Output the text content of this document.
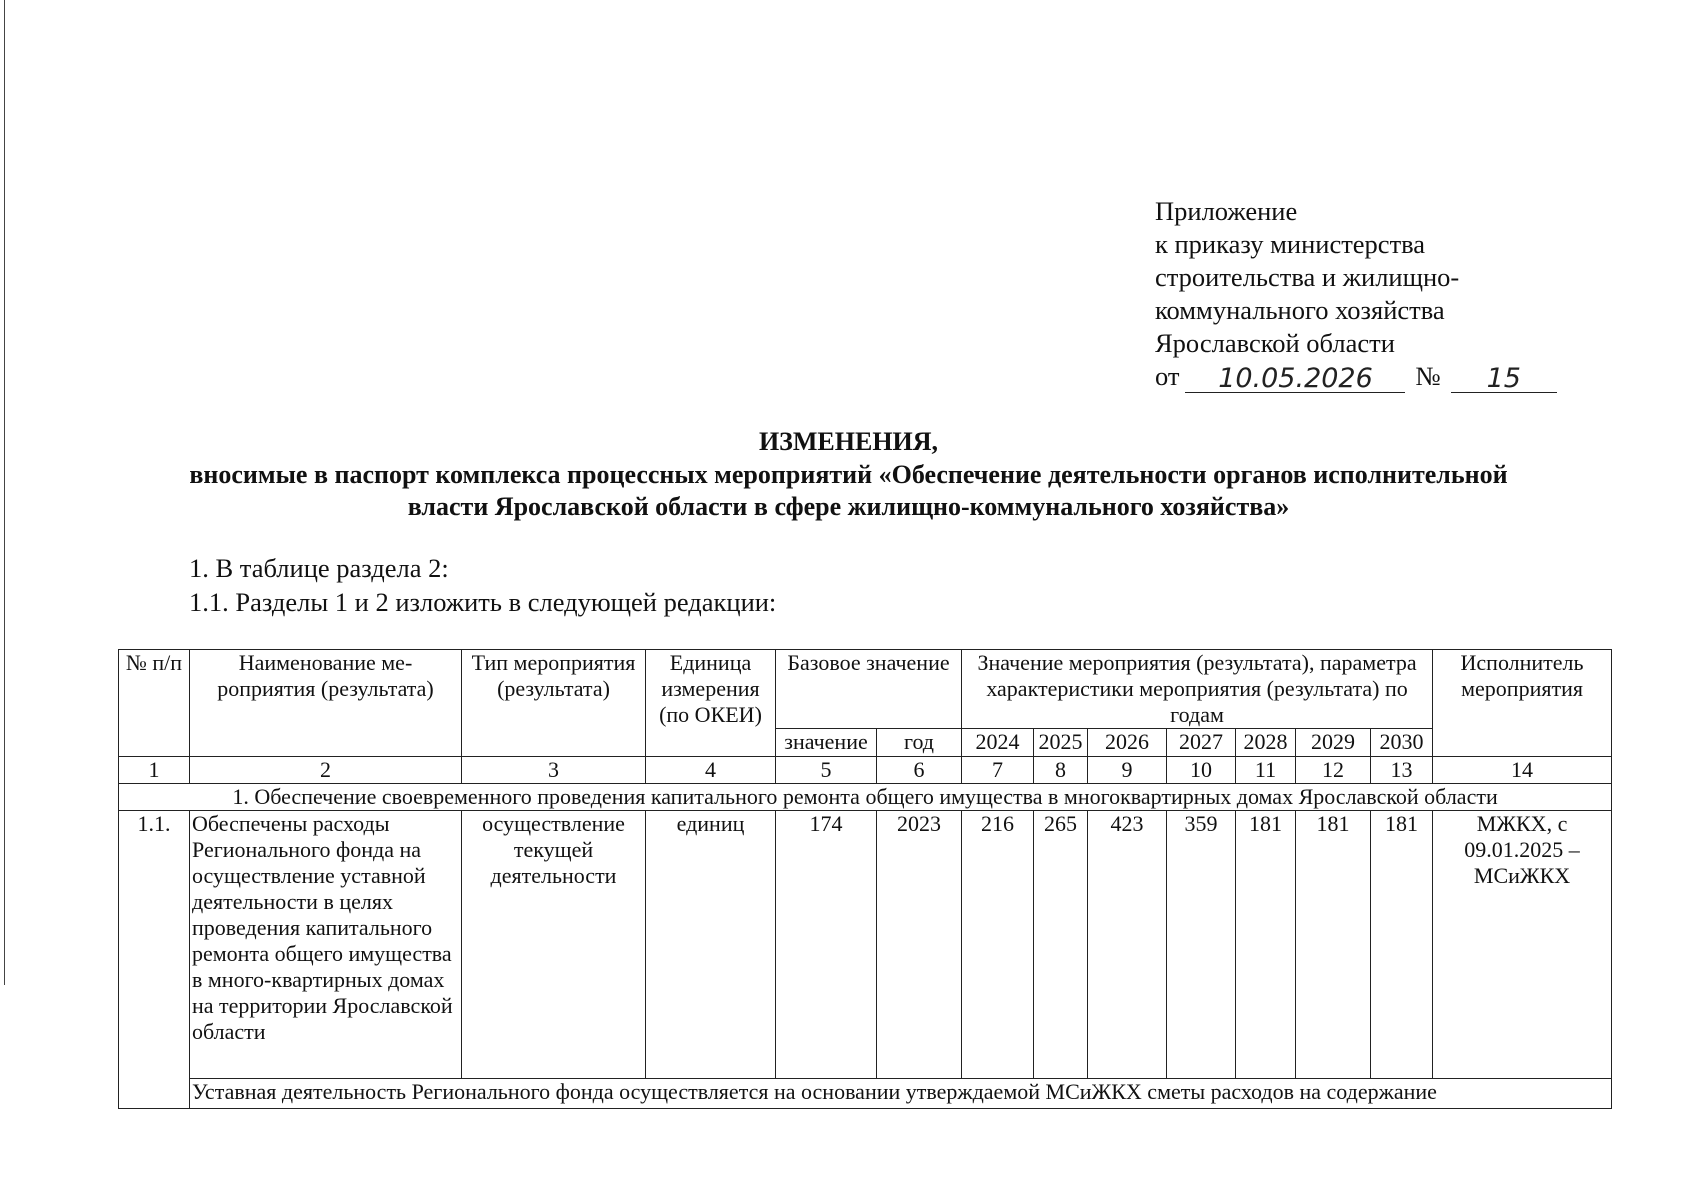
Приложение
к приказу министерства
строительства и жилищно-
коммунального хозяйства
Ярославской области
от	10.05.2026	№	15
ИЗМЕНЕНИЯ,
вносимые в паспорт комплекса процессных мероприятий «Обеспечение деятельности органов исполнительной
власти Ярославской области в сфере жилищно-коммунального хозяйства»
1. В таблице раздела 2:
1.1. Разделы 1 и 2 изложить в следующей редакции:
№ п/п	Наименование ме-роприятия (результата)	Тип мероприятия (результата)	Единица измерения (по ОКЕИ)	Базовое значение		Значение мероприятия (результата), параметра характеристики мероприятия (результата) по годам							Исполнитель мероприятия
				значение	год	2024	2025	2026	2027	2028	2029	2030	
1	2	3	4	5	6	7	8	9	10	11	12	13	14
1. Обеспечение своевременного проведения капитального ремонта общего имущества в многоквартирных домах Ярославской области													
1.1.	Обеспечены расходы Регионального фонда на осуществление уставной деятельности в целях проведения капитального ремонта общего имущества в много-квартирных домах на территории Ярославской области	осуществление текущей деятельности	единиц	174	2023	216	265	423	359	181	181	181	МЖКХ, с 09.01.2025 – МСиЖКХ
	Уставная деятельность Регионального фонда осуществляется на основании утверждаемой МСиЖКХ сметы расходов на содержание												
